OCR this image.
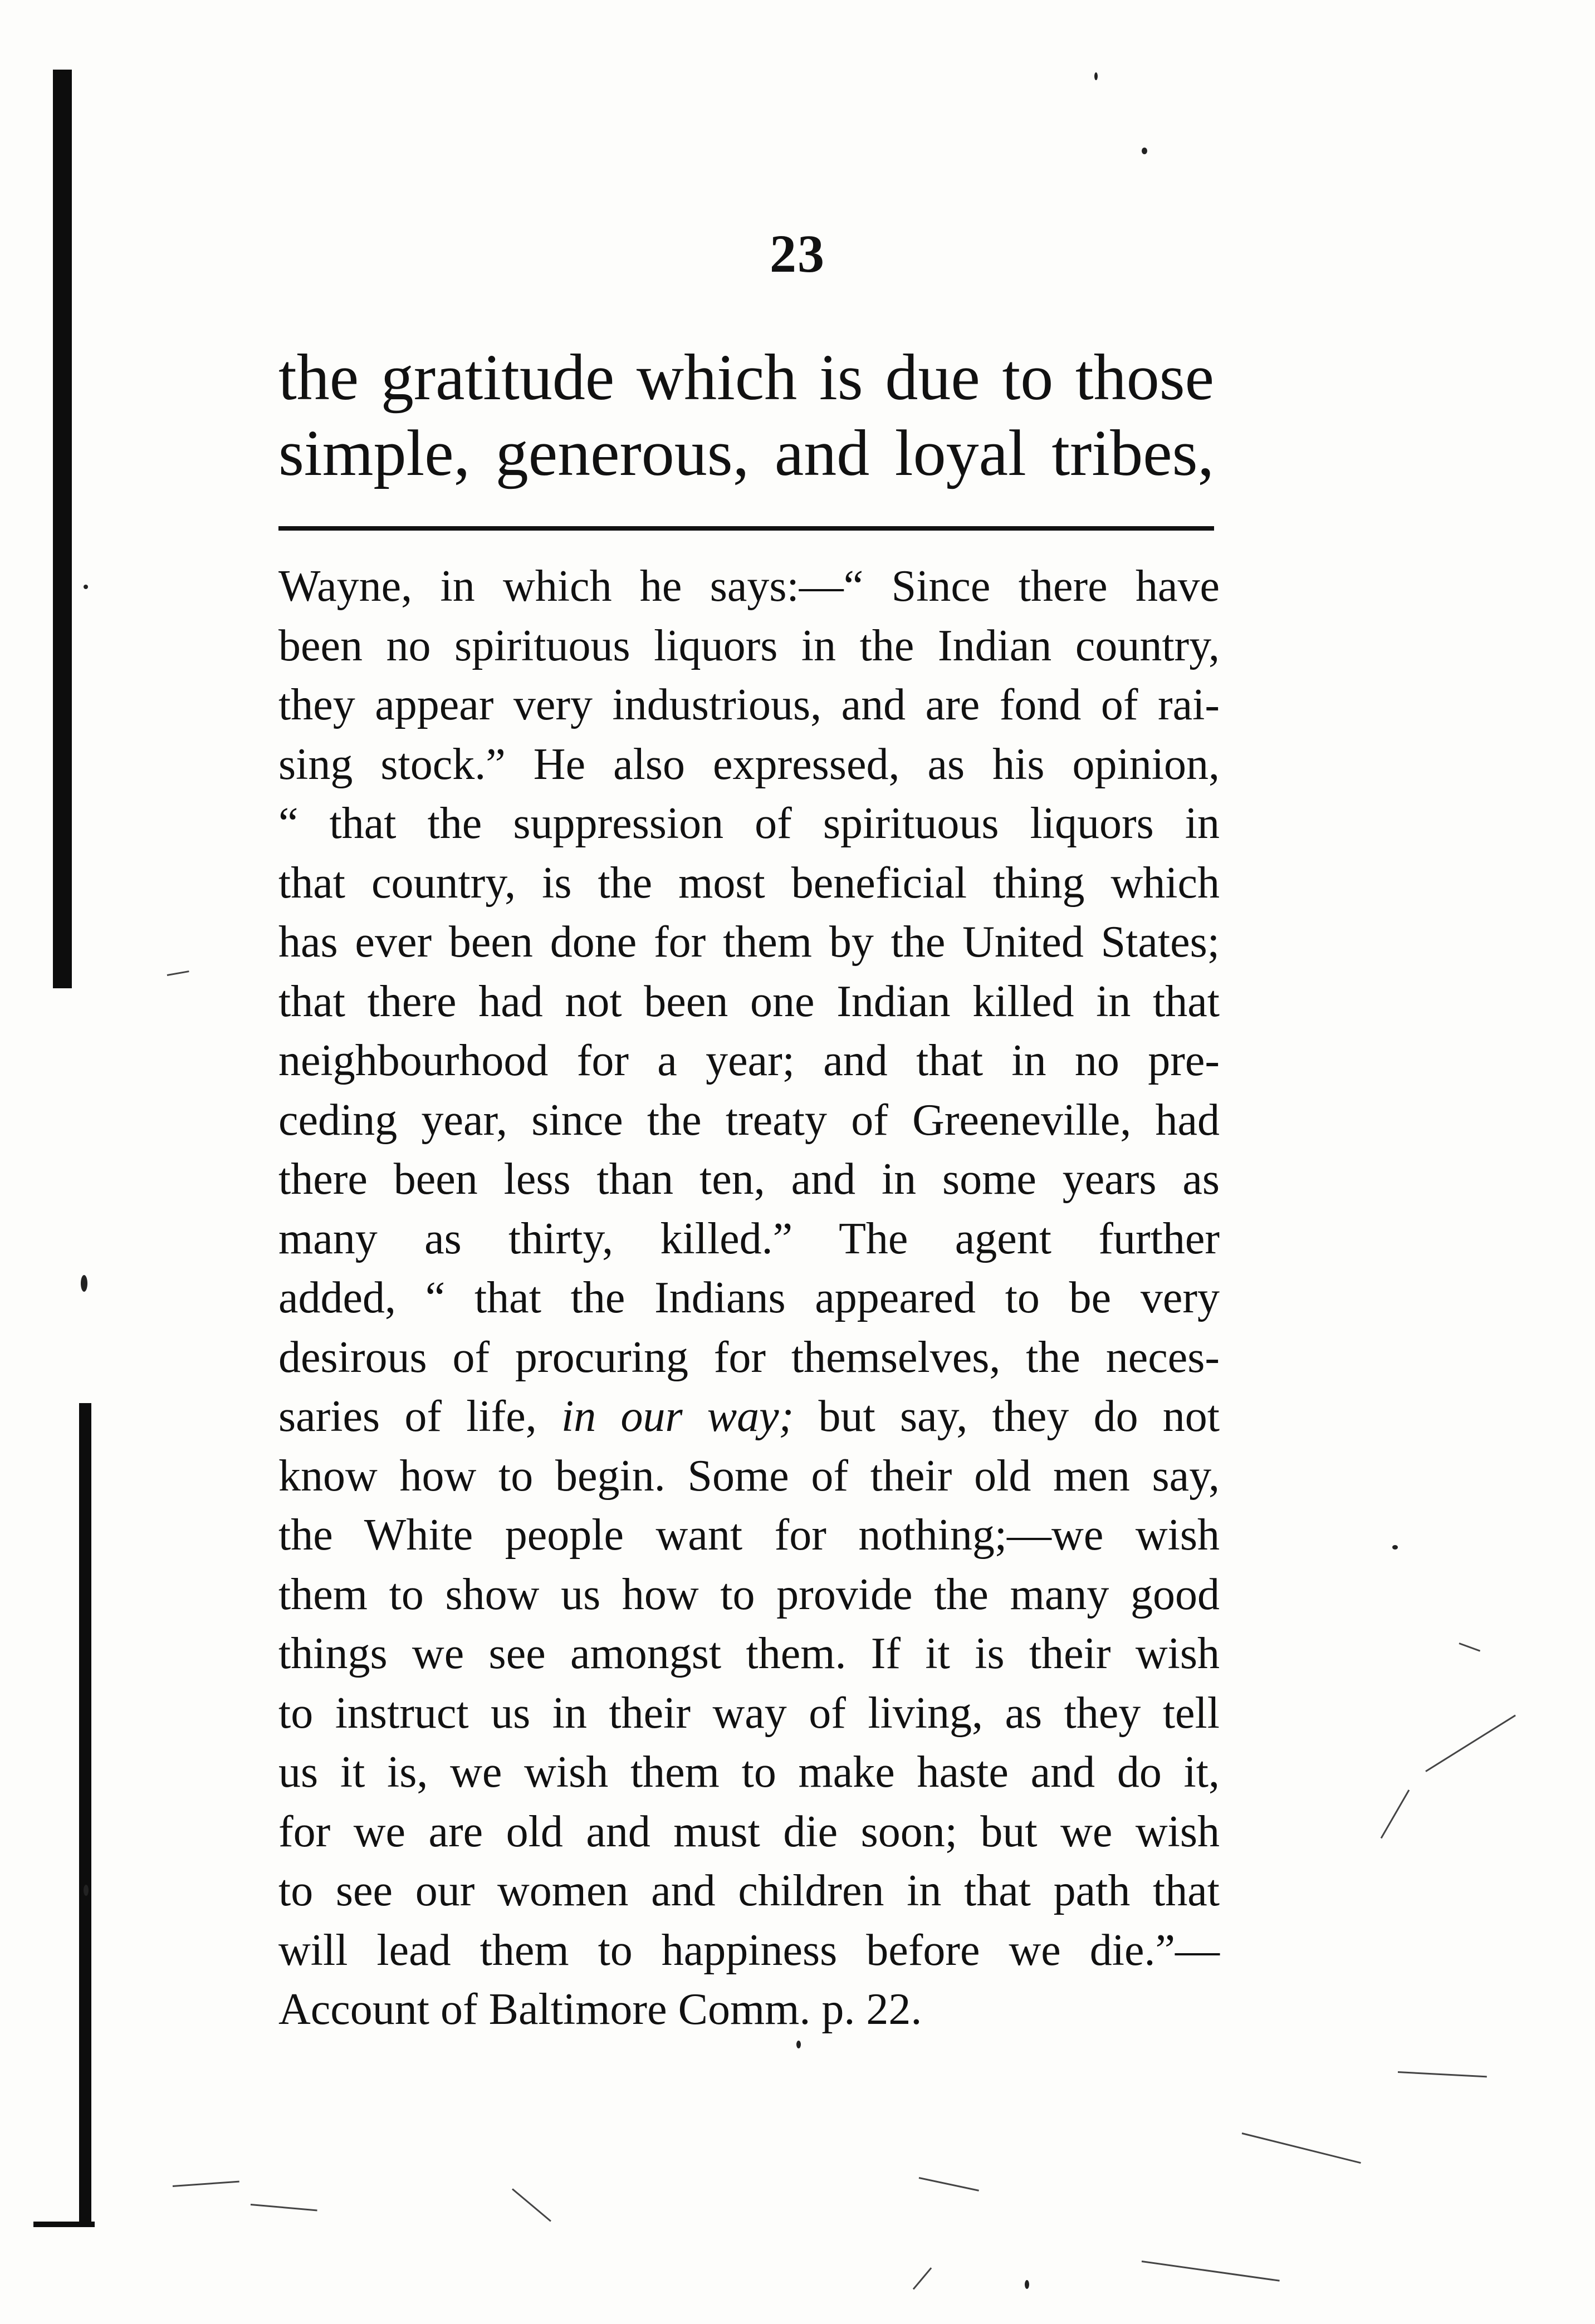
23
the gratitude which is due to those
simple, generous, and loyal tribes,
Wayne, in which he says:—“ Since there have
been no spirituous liquors in the Indian country,
they appear very industrious, and are fond of rai-
sing stock.” He also expressed, as his opinion,
“ that the suppression of spirituous liquors in
that country, is the most beneficial thing which
has ever been done for them by the United States;
that there had not been one Indian killed in that
neighbourhood for a year; and that in no pre-
ceding year, since the treaty of Greeneville, had
there been less than ten, and in some years as
many as thirty, killed.” The agent further
added, “ that the Indians appeared to be very
desirous of procuring for themselves, the neces-
saries of life, in our way; but say, they do not
know how to begin. Some of their old men say,
the White people want for nothing;—we wish
them to show us how to provide the many good
things we see amongst them. If it is their wish
to instruct us in their way of living, as they tell
us it is, we wish them to make haste and do it,
for we are old and must die soon; but we wish
to see our women and children in that path that
will lead them to happiness before we die.”—
Account of Baltimore Comm. p. 22.
